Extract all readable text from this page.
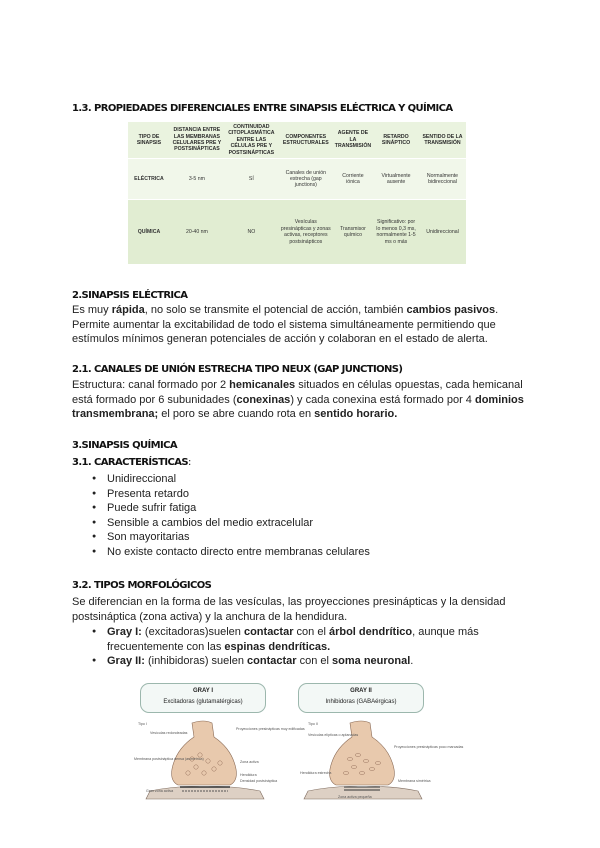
1.3. PROPIEDADES DIFERENCIALES ENTRE SINAPSIS ELÉCTRICA Y QUÍMICA
TIPO DE SINAPSIS	DISTANCIA ENTRE LAS MEMBRANAS CELULARES PRE Y POSTSINÁPTICAS	CONTINUIDAD CITOPLASMÁTICA ENTRE LAS CÉLULAS PRE Y POSTSINÁPTICAS	COMPONENTES ESTRUCTURALES	AGENTE DE LA TRANSMISIÓN	RETARDO SINÁPTICO	SENTIDO DE LA TRANSMISIÓN
ELÉCTRICA	3-5 nm	SÍ	Canales de unión estrecha (gap junctions)	Corriente iónica	Virtualmente ausente	Normalmente bidireccional
QUÍMICA	20-40 nm	NO	Vesículas presinápticas y zonas activas, receptores postsinápticos	Transmisor químico	Significativo: por lo menos 0,3 ms, normalmente 1-5 ms o más	Unidireccional
2.SINAPSIS ELÉCTRICA
Es muy rápida, no solo se transmite el potencial de acción, también cambios pasivos.
Permite aumentar la excitabilidad de todo el sistema simultáneamente permitiendo que estímulos mínimos generan potenciales de acción y colaboran en el estado de alerta.
2.1. CANALES DE UNIÓN ESTRECHA TIPO NEUX (GAP JUNCTIONS)
Estructura: canal formado por 2 hemicanales situados en células opuestas, cada hemicanal está formado por 6 subunidades (conexinas) y cada conexina está formado por 4 dominios transmembrana; el poro se abre cuando rota en sentido horario.
3.SINAPSIS QUÍMICA
3.1. CARACTERÍSTICAS:
● Unidireccional
● Presenta retardo
● Puede sufrir fatiga
● Sensible a cambios del medio extracelular
● Son mayoritarias
● No existe contacto directo entre membranas celulares
3.2. TIPOS MORFOLÓGICOS
Se diferencian en la forma de las vesículas, las proyecciones presinápticas y la densidad postsináptica (zona activa) y la anchura de la hendidura.
● Gray I: (excitadoras)suelen contactar con el árbol dendrítico, aunque más frecuentemente con las espinas dendríticas.
● Gray II: (inhibidoras) suelen contactar con el soma neuronal.
GRAY I
Excitadoras (glutamatérgicas)
Tipo I
Vesículas redondeadas
Proyecciones presinápticas muy edificadas
Membrana postsináptica densa (asimétrica)
Zona activa
Hendidura
Densidad postsináptica
Gran zona activa
GRAY II
Inhibidoras (GABAérgicas)
Tipo II
Vesículas elípticas o aplanadas
Proyecciones presinápticas poco marcadas
Membrana simétrica
Hendidura estrecha
Zona activa pequeña
